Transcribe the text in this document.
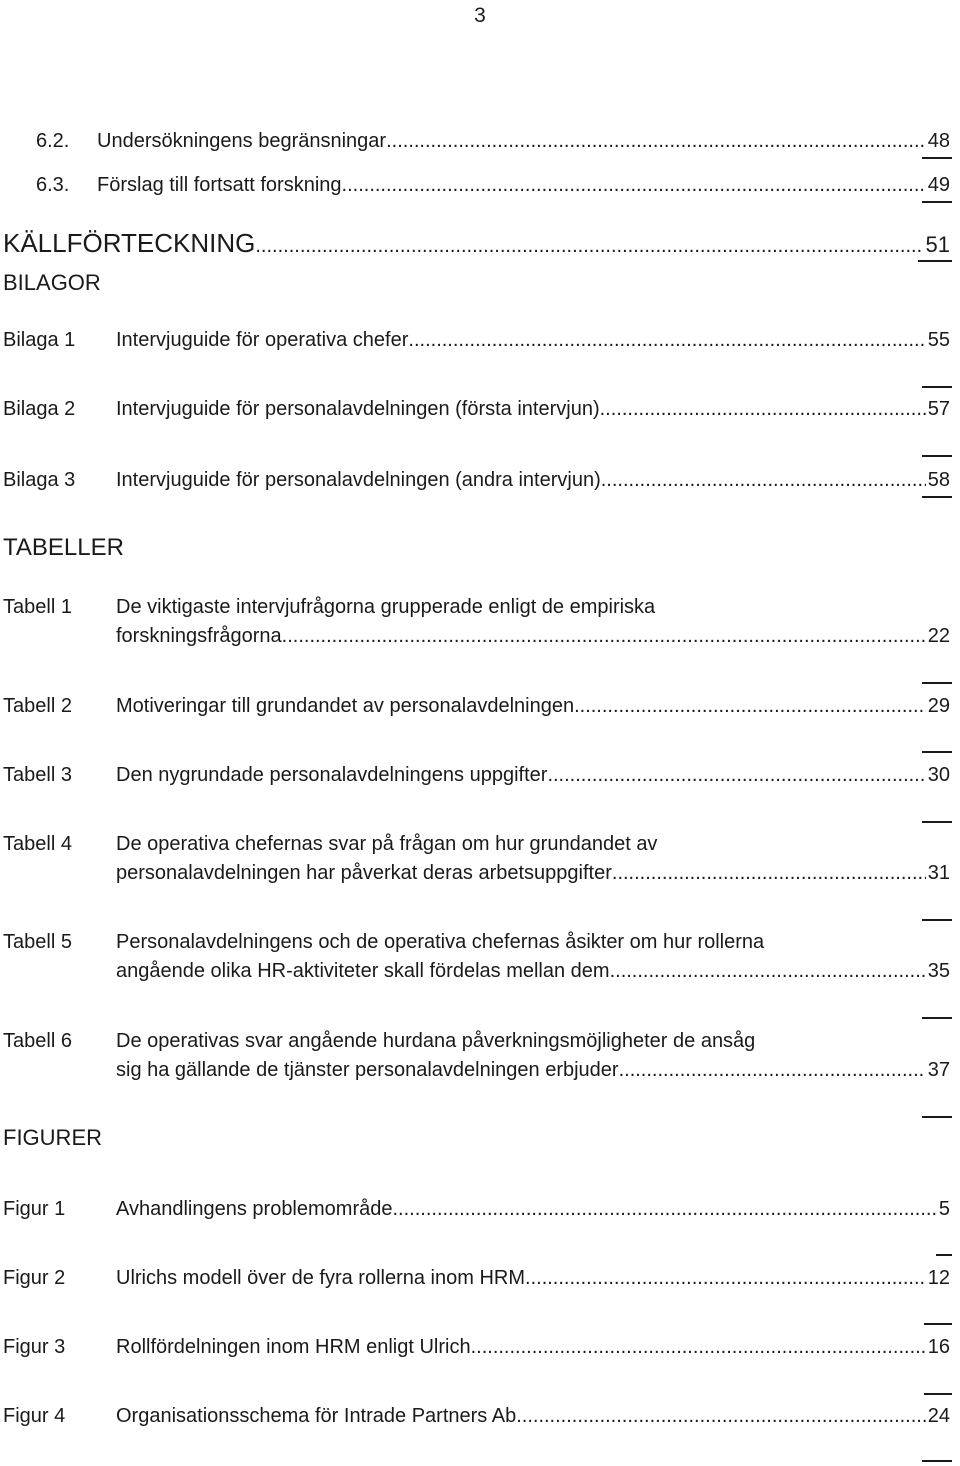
3
6.2. Undersökningens begränsningar .....	48
6.3. Förslag till fortsatt forskning .....	49
KÄLLFÖRTECKNING .....	51
BILAGOR
Bilaga 1 Intervjuguide för operativa chefer .....	55
Bilaga 2 Intervjuguide för personalavdelningen (första intervjun) .....	57
Bilaga 3 Intervjuguide för personalavdelningen (andra intervjun) .....	58
TABELLER
Tabell 1 De viktigaste intervjufrågorna grupperade enligt de empiriska
forskningsfrågorna .....	22
Tabell 2 Motiveringar till grundandet av personalavdelningen .....	29
Tabell 3 Den nygrundade personalavdelningens uppgifter .....	30
Tabell 4 De operativa chefernas svar på frågan om hur grundandet av
personalavdelningen har påverkat deras arbetsuppgifter .....	31
Tabell 5 Personalavdelningens och de operativa chefernas åsikter om hur rollerna
angående olika HR-aktiviteter skall fördelas mellan dem .....	35
Tabell 6 De operativas svar angående hurdana påverkningsmöjligheter de ansåg
sig ha gällande de tjänster personalavdelningen erbjuder .....	37
FIGURER
Figur 1	Avhandlingens problemområde .....	5
Figur 2	Ulrichs modell över de fyra rollerna inom HRM. .....	12
Figur 3	Rollfördelningen inom HRM enligt Ulrich .....	16
Figur 4	Organisationsschema för Intrade Partners Ab .....	24
